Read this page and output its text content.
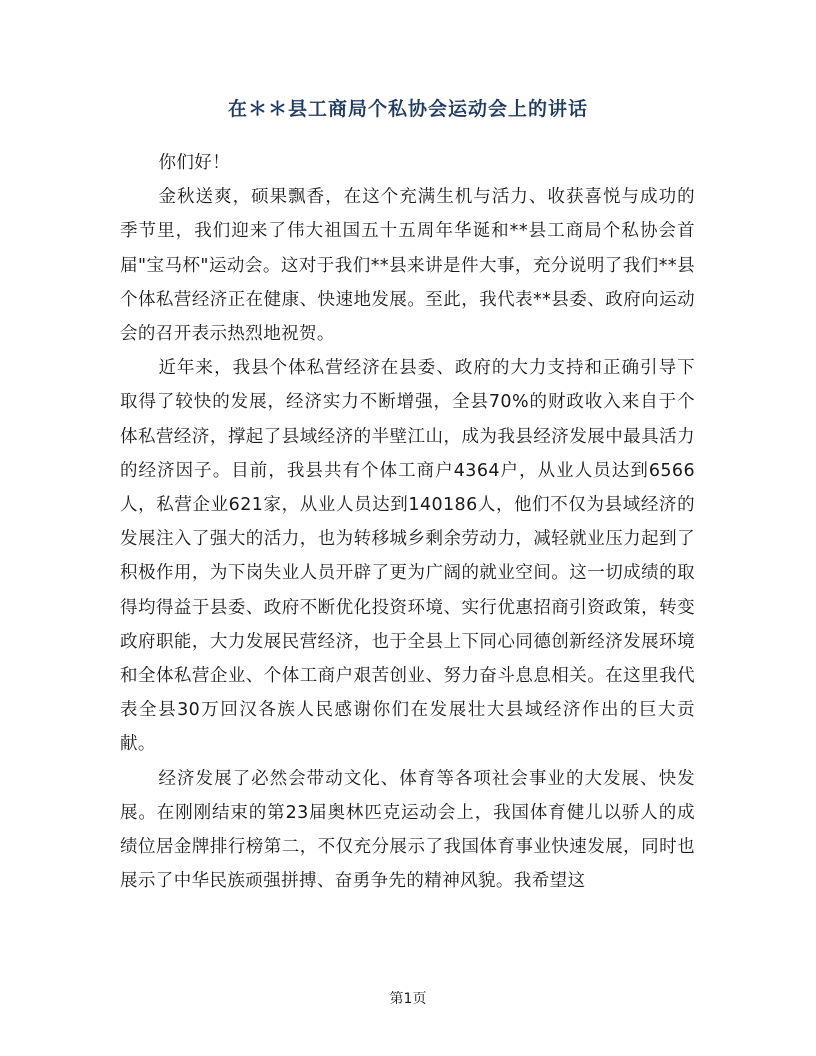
在＊＊县工商局个私协会运动会上的讲话

你们好！

金秋送爽，硕果飘香，在这个充满生机与活力、收获喜悦与成功的季节里，我们迎来了伟大祖国五十五周年华诞和**县工商局个私协会首届"宝马杯"运动会。这对于我们**县来讲是件大事，充分说明了我们**县个体私营经济正在健康、快速地发展。至此，我代表**县委、政府向运动会的召开表示热烈地祝贺。

近年来，我县个体私营经济在县委、政府的大力支持和正确引导下取得了较快的发展，经济实力不断增强，全县70%的财政收入来自于个体私营经济，撑起了县域经济的半壁江山，成为我县经济发展中最具活力的经济因子。目前，我县共有个体工商户4364户，从业人员达到6566人，私营企业621家，从业人员达到140186人，他们不仅为县域经济的发展注入了强大的活力，也为转移城乡剩余劳动力，减轻就业压力起到了积极作用，为下岗失业人员开辟了更为广阔的就业空间。这一切成绩的取得均得益于县委、政府不断优化投资环境、实行优惠招商引资政策，转变政府职能，大力发展民营经济，也于全县上下同心同德创新经济发展环境和全体私营企业、个体工商户艰苦创业、努力奋斗息息相关。在这里我代表全县30万回汉各族人民感谢你们在发展壮大县域经济作出的巨大贡献。

经济发展了必然会带动文化、体育等各项社会事业的大发展、快发展。在刚刚结束的第23届奥林匹克运动会上，我国体育健儿以骄人的成绩位居金牌排行榜第二，不仅充分展示了我国体育事业快速发展，同时也展示了中华民族顽强拼搏、奋勇争先的精神风貌。我希望这

第1页
